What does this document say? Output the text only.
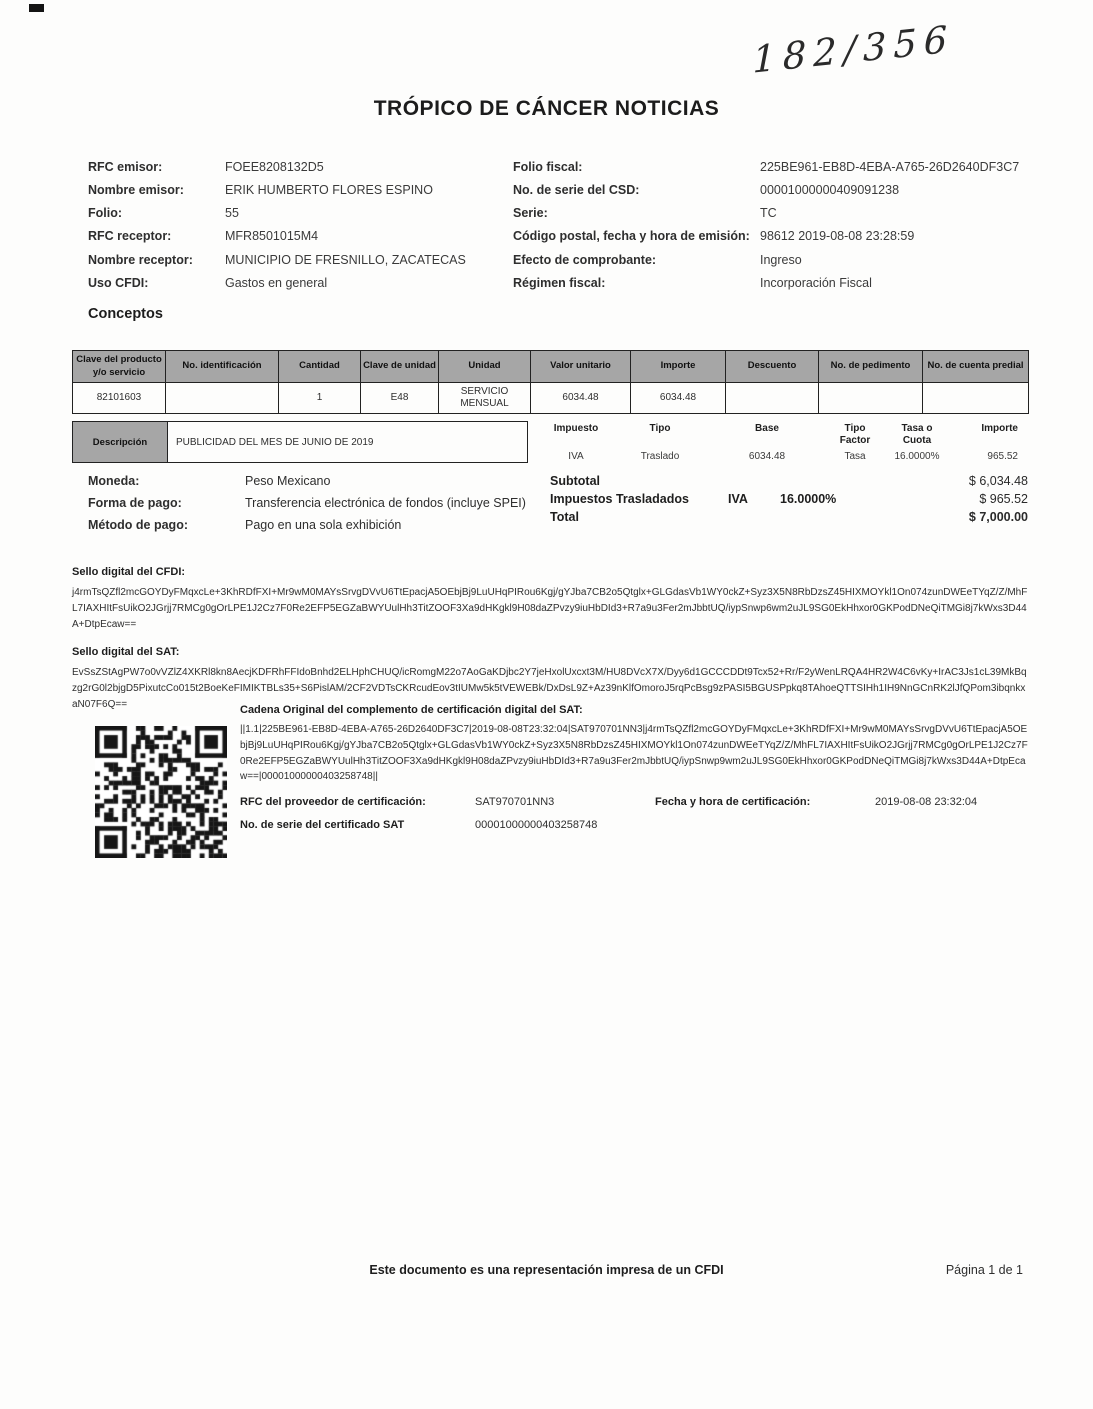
182/356
TRÓPICO DE CÁNCER NOTICIAS
RFC emisor:	FOEE8208132D5
Nombre emisor:	ERIK HUMBERTO FLORES ESPINO
Folio:	55
RFC receptor:	MFR8501015M4
Nombre receptor:	MUNICIPIO DE FRESNILLO, ZACATECAS
Uso CFDI:	Gastos en general
Folio fiscal:	225BE961-EB8D-4EBA-A765-26D2640DF3C7
No. de serie del CSD:	00001000000409091238
Serie:	TC
Código postal, fecha y hora de emisión: 98612 2019-08-08 23:28:59
Efecto de comprobante:	Ingreso
Régimen fiscal:	Incorporación Fiscal
Conceptos
Clave del producto y/o servicio	No. identificación	Cantidad	Clave de unidad	Unidad	Valor unitario	Importe	Descuento	No. de pedimento	No. de cuenta predial
82101603		1	E48	SERVICIO MENSUAL	6034.48	6034.48			
Descripción	PUBLICIDAD DEL MES DE JUNIO DE 2019
Impuesto	Tipo	Base	Tipo Factor	Tasa o Cuota	Importe
IVA	Traslado	6034.48	Tasa	16.0000%	965.52
Moneda:	Peso Mexicano
Forma de pago:	Transferencia electrónica de fondos (incluye SPEI)
Método de pago:	Pago en una sola exhibición
Subtotal	$ 6,034.48
Impuestos Trasladados	IVA	16.0000%	$ 965.52
Total	$ 7,000.00
Sello digital del CFDI:
j4rmTsQZfl2mcGOYDyFMqxcLe+3KhRDfFXI+Mr9wM0MAYsSrvgDVvU6TtEpacjA5OEbjBj9LuUHqPIRou6Kgj/gYJba7CB2o5Qtglx+GLGdasVb1WY0ckZ+Syz3X5N8RbDzsZ45HIXMOYkl1On074zunDWEeTYqZ/Z/MhFL7IAXHItFsUikO2JGrjj7RMCg0gOrLPE1J2Cz7F0Re2EFP5EGZaBWYUulHh3TitZOOF3Xa9dHKgkl9H08daZPvzy9iuHbDId3+R7a9u3Fer2mJbbtUQ/iypSnwp6wm2uJL9SG0EkHhxor0GKPodDNeQiTMGi8j7kWxs3D44A+DtpEcaw==
Sello digital del SAT:
EvSsZStAgPW7o0vVZlZ4XKRl8kn8AecjKDFRhFFIdoBnhd2ELHphCHUQ/icRomgM22o7AoGaKDjbc2Y7jeHxolUxcxt3M/HU8DVcX7X/Dyy6d1GCCCDDt9Tcx52+Rr/F2yWenLRQA4HR2W4C6vKy+IrAC3Js1cL39MkBqzg2rG0l2bjgD5PixutcCo015t2BoeKeFIMIKTBLs35+S6PislAM/2CF2VDTsCKRcudEov3tIUMw5k5tVEWEBk/DxDsL9Z+Az39nKlfOmoroJ5rqPcBsg9zPASI5BGUSPpkq8TAhoeQTTSIHh1IH9NnGCnRK2lJfQPom3ibqnkxaN07F6Q==	Cadena Original del complemento de certificación digital del SAT:
||1.1|225BE961-EB8D-4EBA-A765-26D2640DF3C7|2019-08-08T23:32:04|SAT970701NN3|j4rmTsQZfl2mcGOYDyFMqxcLe+3KhRDfFXI+Mr9wM0MAYsSrvgDVvU6TtEpacjA5OEbjBj9LuUHqPIRou6Kgj/gYJba7CB2o5Qtglx+GLGdasVb1WY0ckZ+Syz3X5N8RbDzsZ45HIXMOYkl1On074zunDWEeTYqZ/Z/MhFL7IAXHItFsUikO2JGrjj7RMCg0gOrLPE1J2Cz7F0Re2EFP5EGZaBWYUulHh3TitZOOF3Xa9dHKgkl9H08daZPvzy9iuHbDId3+R7a9u3Fer2mJbbtUQ/iypSnwp9wm2uJL9SG0EkHhxor0GKPodDNeQiTMGi8j7kWxs3D44A+DtpEcaw==|00001000000403258748||
RFC del proveedor de certificación:	SAT970701NN3	Fecha y hora de certificación:	2019-08-08 23:32:04
No. de serie del certificado SAT	00001000000403258748
Este documento es una representación impresa de un CFDI	Página 1 de 1
